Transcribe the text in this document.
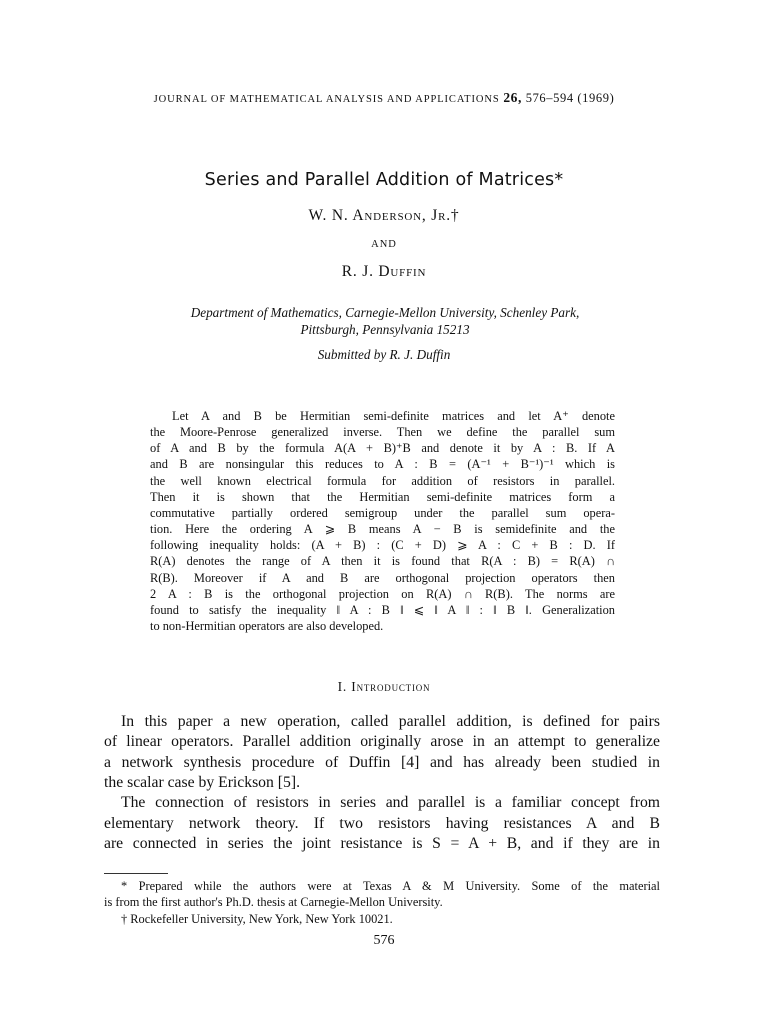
JOURNAL OF MATHEMATICAL ANALYSIS AND APPLICATIONS 26, 576–594 (1969)
Series and Parallel Addition of Matrices*
W. N. Anderson, Jr.†
AND
R. J. Duffin
Department of Mathematics, Carnegie-Mellon University, Schenley Park,
Pittsburgh, Pennsylvania 15213
Submitted by R. J. Duffin
Let A and B be Hermitian semi-definite matrices and let A⁺ denote
the Moore-Penrose generalized inverse. Then we define the parallel sum
of A and B by the formula A(A + B)⁺B and denote it by A : B. If A
and B are nonsingular this reduces to A : B = (A⁻¹ + B⁻¹)⁻¹ which is
the well known electrical formula for addition of resistors in parallel.
Then it is shown that the Hermitian semi-definite matrices form a
commutative partially ordered semigroup under the parallel sum opera-
tion. Here the ordering A ⩾ B means A − B is semidefinite and the
following inequality holds: (A + B) : (C + D) ⩾ A : C + B : D. If
R(A) denotes the range of A then it is found that R(A : B) = R(A) ∩
R(B). Moreover if A and B are orthogonal projection operators then
2 A : B is the orthogonal projection on R(A) ∩ R(B). The norms are
found to satisfy the inequality ‖ A : B ‖ ⩽ ‖ A ‖ : ‖ B ‖. Generalization
to non-Hermitian operators are also developed.
I. Introduction
In this paper a new operation, called parallel addition, is defined for pairs
of linear operators. Parallel addition originally arose in an attempt to generalize
a network synthesis procedure of Duffin [4] and has already been studied in
the scalar case by Erickson [5].
The connection of resistors in series and parallel is a familiar concept from
elementary network theory. If two resistors having resistances A and B
are connected in series the joint resistance is S = A + B, and if they are in
* Prepared while the authors were at Texas A & M University. Some of the material
is from the first author's Ph.D. thesis at Carnegie-Mellon University.
† Rockefeller University, New York, New York 10021.
576
